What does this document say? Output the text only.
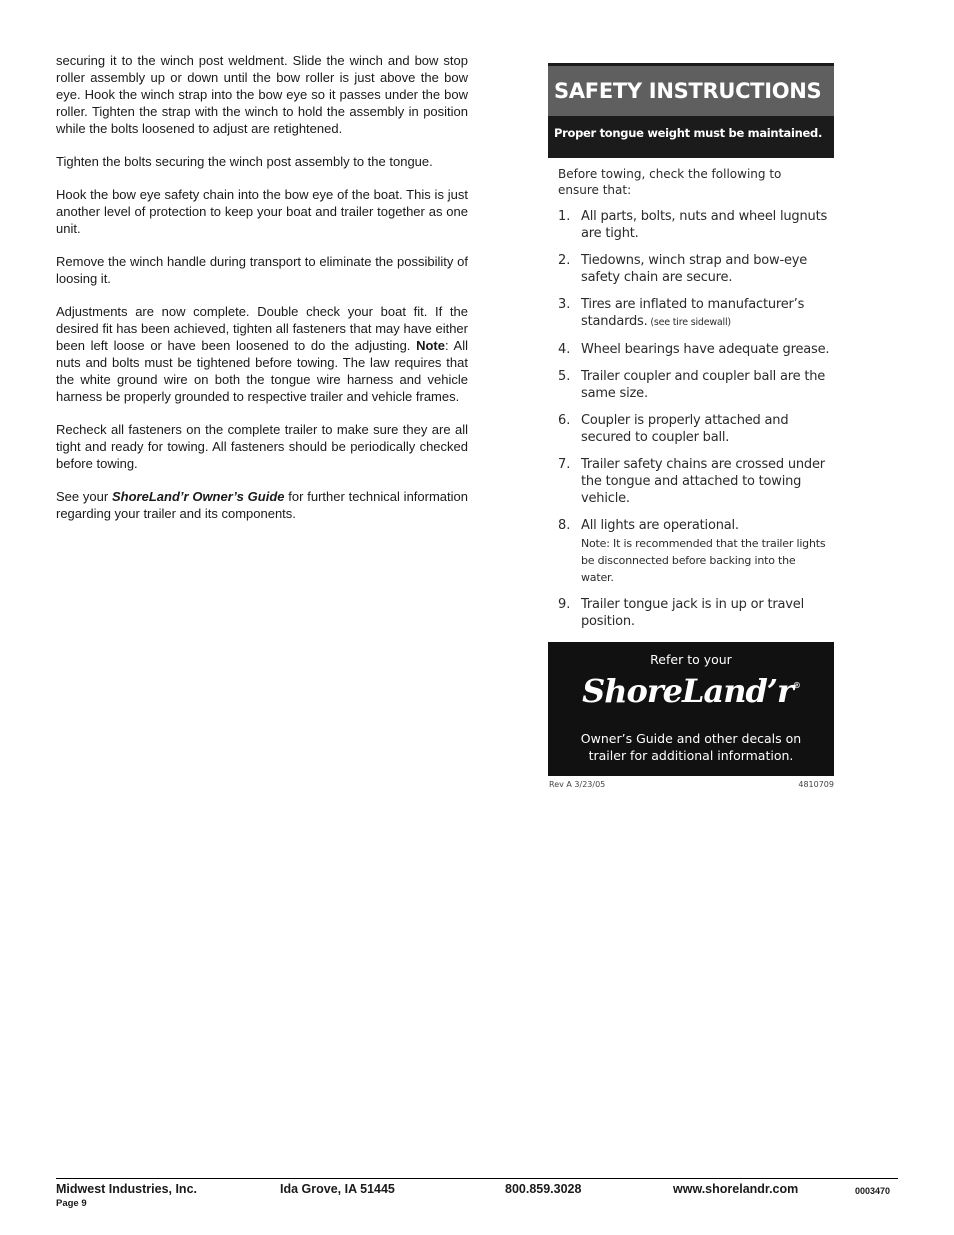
securing it to the winch post weldment. Slide the winch and bow stop roller assembly up or down until the bow roller is just above the bow eye. Hook the winch strap into the bow eye so it passes under the bow roller. Tighten the strap with the winch to hold the assembly in position while the bolts loosened to adjust are retightened.

Tighten the bolts securing the winch post assembly to the tongue.

Hook the bow eye safety chain into the bow eye of the boat. This is just another level of protection to keep your boat and trailer together as one unit.

Remove the winch handle during transport to eliminate the possibility of loosing it.

Adjustments are now complete. Double check your boat fit. If the desired fit has been achieved, tighten all fasteners that may have either been left loose or have been loosened to do the adjusting. Note: All nuts and bolts must be tightened before towing. The law requires that the white ground wire on both the tongue wire harness and vehicle harness be properly grounded to respective trailer and vehicle frames.

Recheck all fasteners on the complete trailer to make sure they are all tight and ready for towing. All fasteners should be periodically checked before towing.

See your ShoreLand’r Owner’s Guide for further technical information regarding your trailer and its components.

SAFETY INSTRUCTIONS
Proper tongue weight must be maintained.
Before towing, check the following to ensure that:
1. All parts, bolts, nuts and wheel lugnuts are tight.
2. Tiedowns, winch strap and bow-eye safety chain are secure.
3. Tires are inflated to manufacturer’s standards. (see tire sidewall)
4. Wheel bearings have adequate grease.
5. Trailer coupler and coupler ball are the same size.
6. Coupler is properly attached and secured to coupler ball.
7. Trailer safety chains are crossed under the tongue and attached to towing vehicle.
8. All lights are operational.
Note: It is recommended that the trailer lights be disconnected before backing into the water.
9. Trailer tongue jack is in up or travel position.
Refer to your
ShoreLand’r®
Owner’s Guide and other decals on trailer for additional information.
Rev A 3/23/05	4810709
Midwest Industries, Inc.	Ida Grove, IA 51445	800.859.3028	www.shorelandr.com	0003470
Page 9
